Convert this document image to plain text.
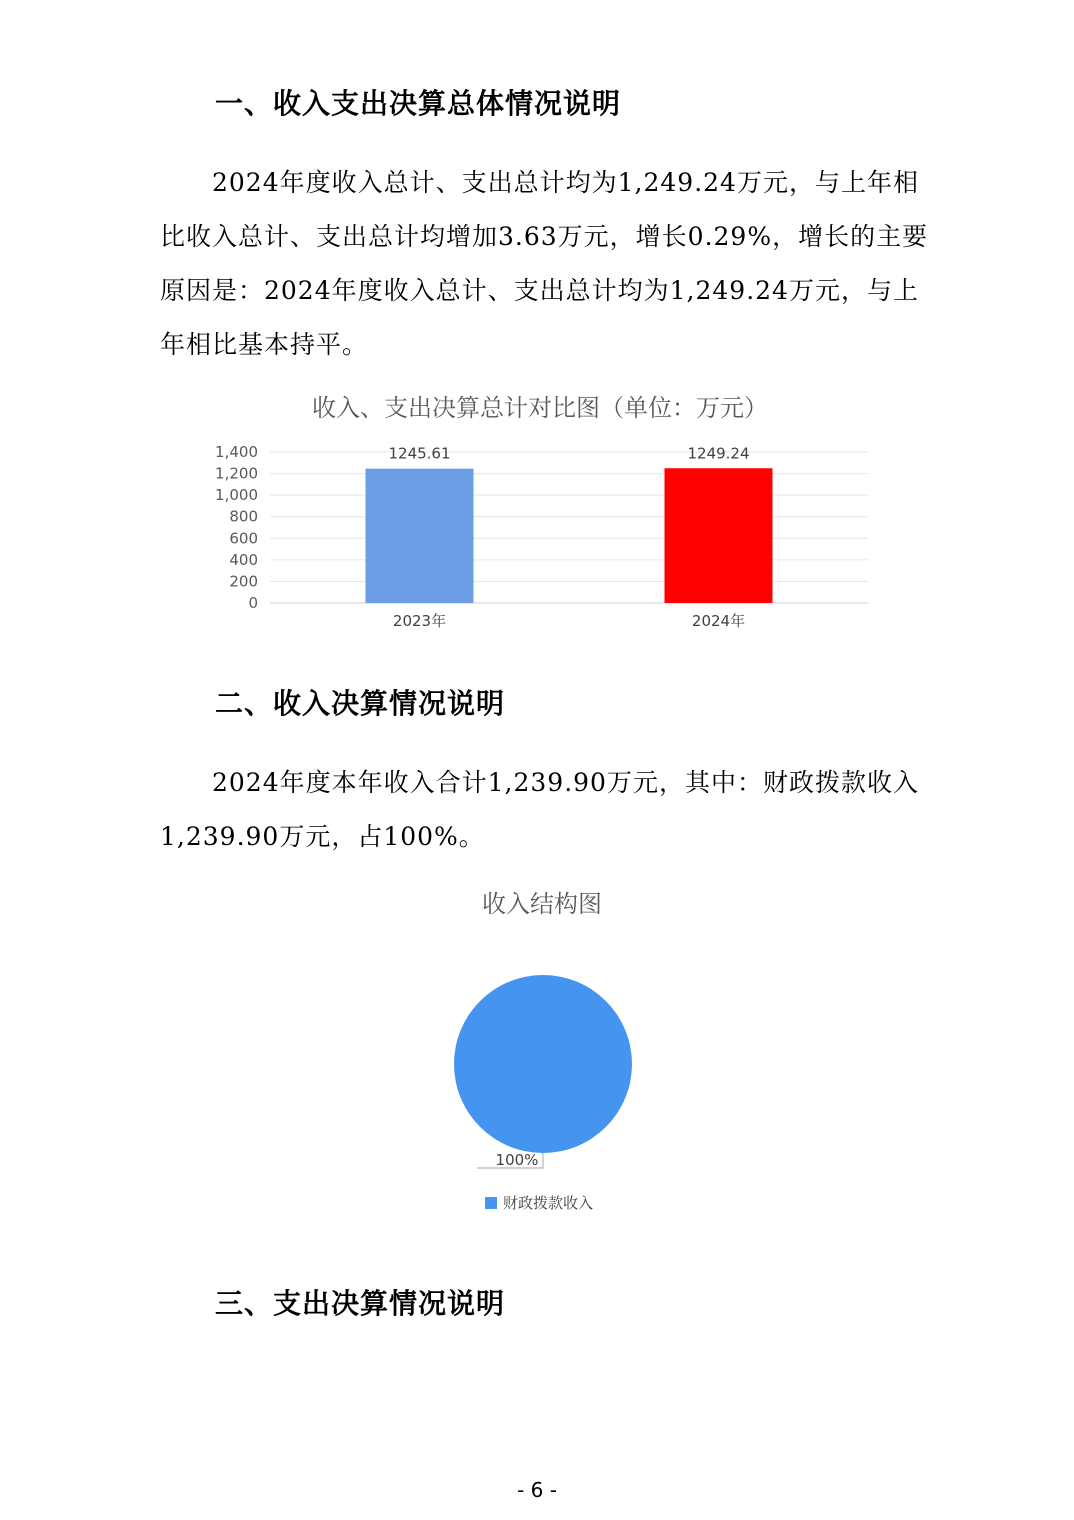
一、收入支出决算总体情况说明
　　2024年度收入总计、支出总计均为1,249.24万元，与上年相
比收入总计、支出总计均增加3.63万元，增长0.29%，增长的主要
原因是：2024年度收入总计、支出总计均为1,249.24万元，与上
年相比基本持平。
收入、支出决算总计对比图（单位：万元）
0
200
400
600
800
1,000
1,200
1,400	1245.61	1249.24
2023年	2024年
二、收入决算情况说明
　　2024年度本年收入合计1,239.90万元，其中：财政拨款收入
1,239.90万元，占100%。
收入结构图
100%
财政拨款收入
三、支出决算情况说明
- 6 -
